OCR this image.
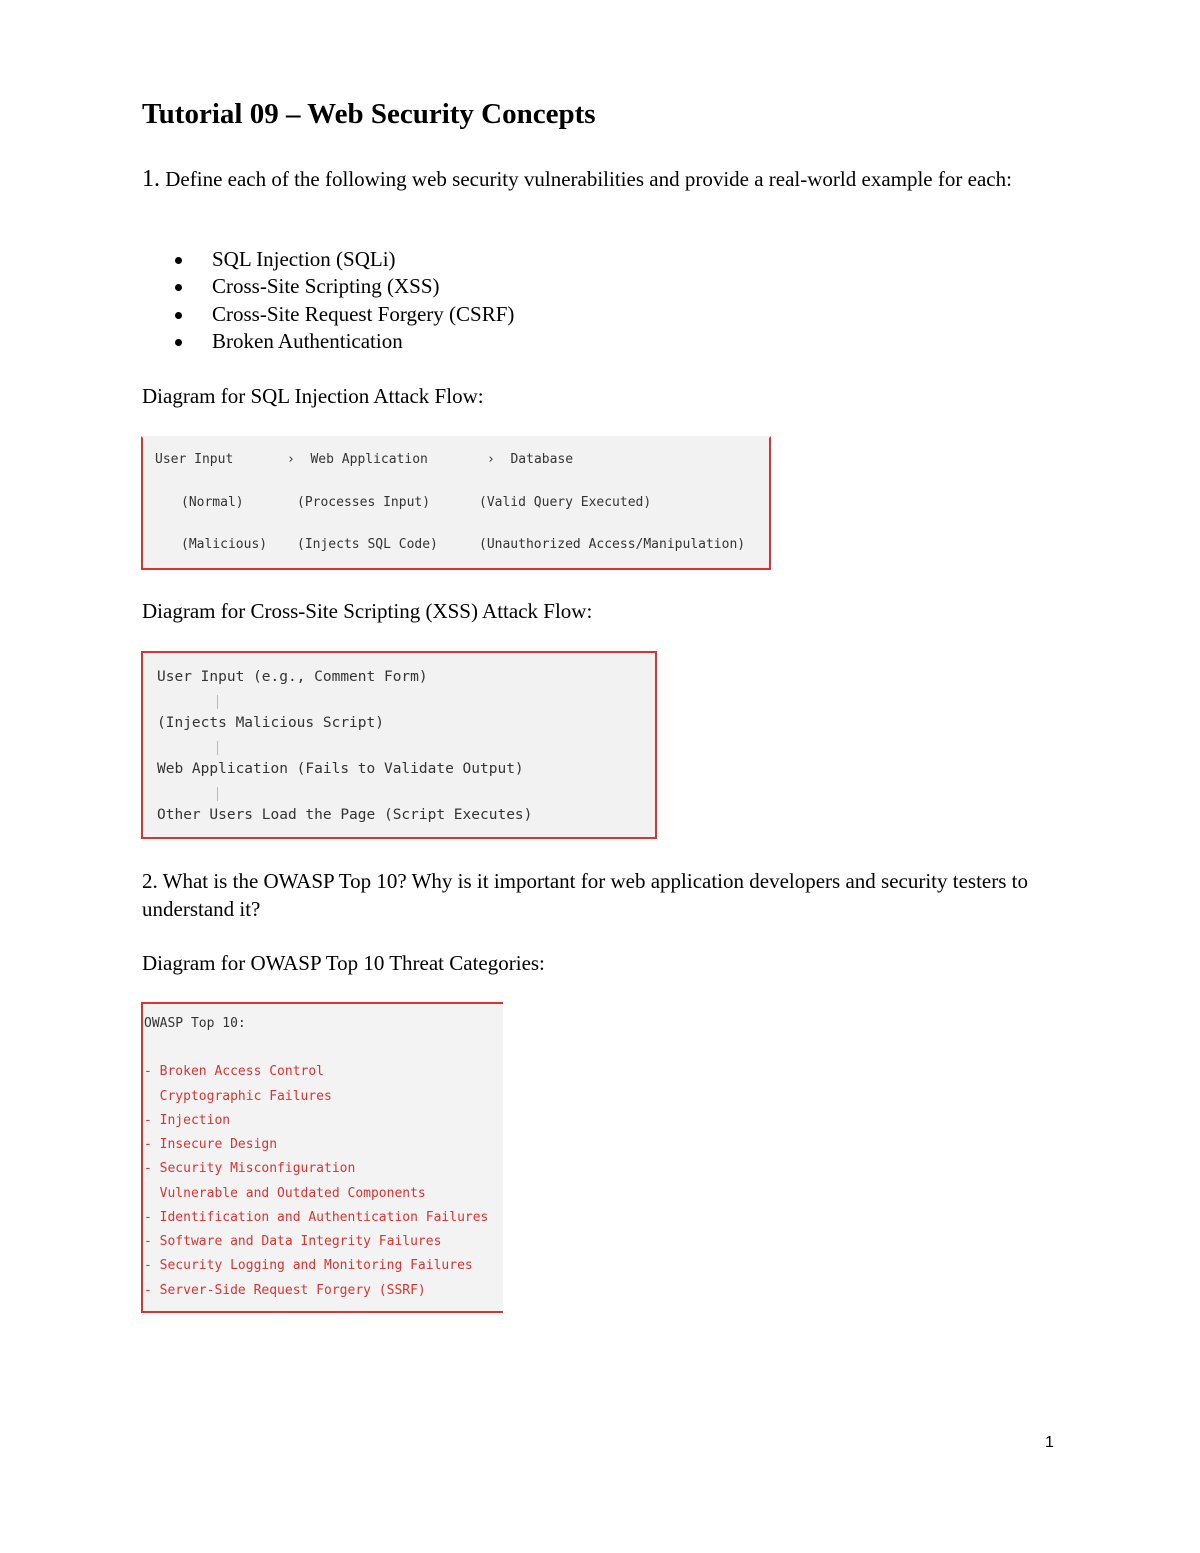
Tutorial 09 – Web Security Concepts

1. Define each of the following web security vulnerabilities and provide a real-world example for each:

SQL Injection (SQLi)
Cross-Site Scripting (XSS)
Cross-Site Request Forgery (CSRF)
Broken Authentication

Diagram for SQL Injection Attack Flow:

User Input	›  Web Application	›  Database
(Normal)	(Processes Input)	(Valid Query Executed)
(Malicious) (Injects SQL Code)	(Unauthorized Access/Manipulation)

Diagram for Cross-Site Scripting (XSS) Attack Flow:

User Input (e.g., Comment Form)
(Injects Malicious Script)
Web Application (Fails to Validate Output)
Other Users Load the Page (Script Executes)

2. What is the OWASP Top 10? Why is it important for web application developers and security testers to understand it?

Diagram for OWASP Top 10 Threat Categories:

OWASP Top 10:
- Broken Access Control
Cryptographic Failures
- Injection
- Insecure Design
- Security Misconfiguration
Vulnerable and Outdated Components
- Identification and Authentication Failures
- Software and Data Integrity Failures
- Security Logging and Monitoring Failures
- Server-Side Request Forgery (SSRF)
1
